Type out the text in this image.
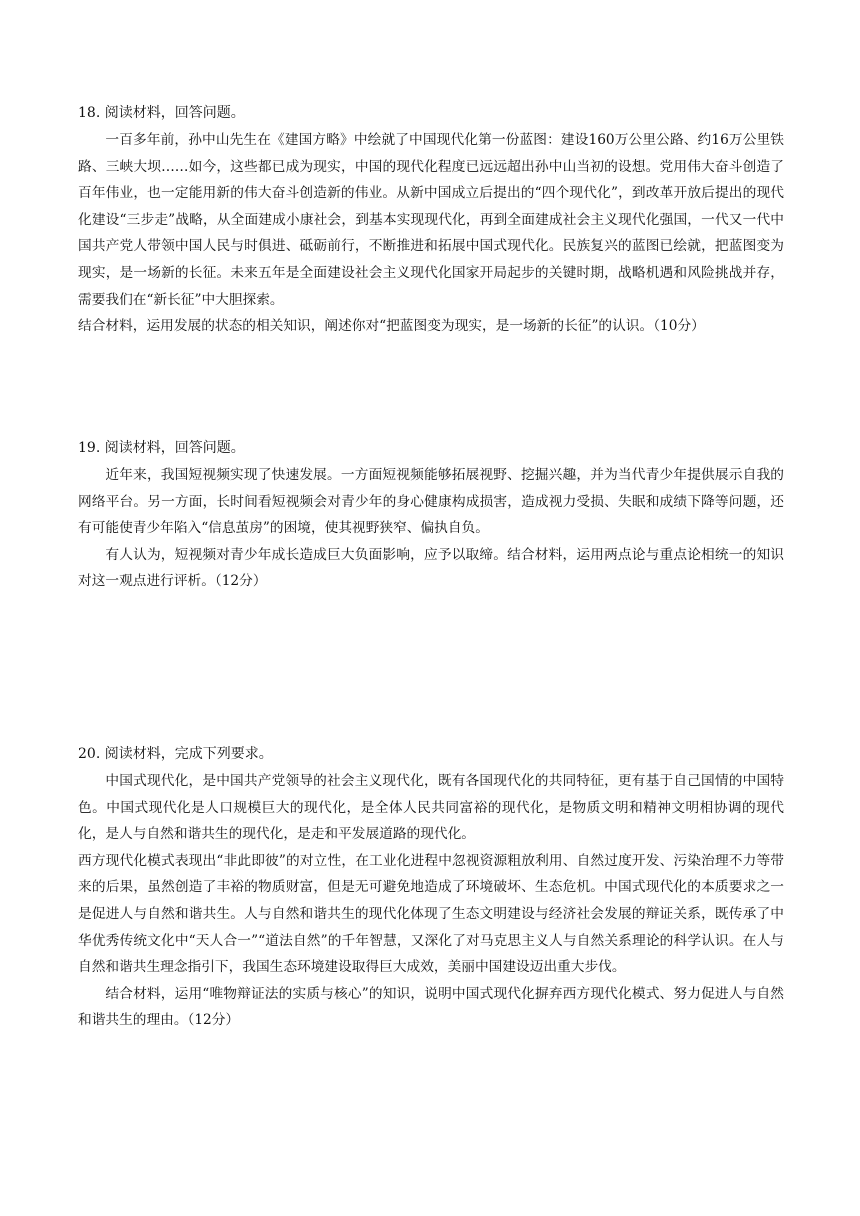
18. 阅读材料，回答问题。

一百多年前，孙中山先生在《建国方略》中绘就了中国现代化第一份蓝图：建设160万公里公路、约16万公里铁路、三峡大坝……如今，这些都已成为现实，中国的现代化程度已远远超出孙中山当初的设想。党用伟大奋斗创造了百年伟业，也一定能用新的伟大奋斗创造新的伟业。从新中国成立后提出的“四个现代化”，到改革开放后提出的现代化建设“三步走”战略，从全面建成小康社会，到基本实现现代化，再到全面建成社会主义现代化强国，一代又一代中国共产党人带领中国人民与时俱进、砥砺前行，不断推进和拓展中国式现代化。民族复兴的蓝图已绘就，把蓝图变为现实，是一场新的长征。未来五年是全面建设社会主义现代化国家开局起步的关键时期，战略机遇和风险挑战并存，需要我们在“新长征”中大胆探索。

结合材料，运用发展的状态的相关知识，阐述你对“把蓝图变为现实，是一场新的长征”的认识。（10分）

19. 阅读材料，回答问题。

近年来，我国短视频实现了快速发展。一方面短视频能够拓展视野、挖掘兴趣，并为当代青少年提供展示自我的网络平台。另一方面，长时间看短视频会对青少年的身心健康构成损害，造成视力受损、失眠和成绩下降等问题，还有可能使青少年陷入“信息茧房”的困境，使其视野狭窄、偏执自负。

有人认为，短视频对青少年成长造成巨大负面影响，应予以取缔。结合材料，运用两点论与重点论相统一的知识对这一观点进行评析。（12分）

20. 阅读材料，完成下列要求。

中国式现代化，是中国共产党领导的社会主义现代化，既有各国现代化的共同特征，更有基于自己国情的中国特色。中国式现代化是人口规模巨大的现代化，是全体人民共同富裕的现代化，是物质文明和精神文明相协调的现代化，是人与自然和谐共生的现代化，是走和平发展道路的现代化。

西方现代化模式表现出“非此即彼”的对立性，在工业化进程中忽视资源粗放利用、自然过度开发、污染治理不力等带来的后果，虽然创造了丰裕的物质财富，但是无可避免地造成了环境破坏、生态危机。中国式现代化的本质要求之一是促进人与自然和谐共生。人与自然和谐共生的现代化体现了生态文明建设与经济社会发展的辩证关系，既传承了中华优秀传统文化中“天人合一”“道法自然”的千年智慧，又深化了对马克思主义人与自然关系理论的科学认识。在人与自然和谐共生理念指引下，我国生态环境建设取得巨大成效，美丽中国建设迈出重大步伐。

结合材料，运用“唯物辩证法的实质与核心”的知识，说明中国式现代化摒弃西方现代化模式、努力促进人与自然和谐共生的理由。（12分）
